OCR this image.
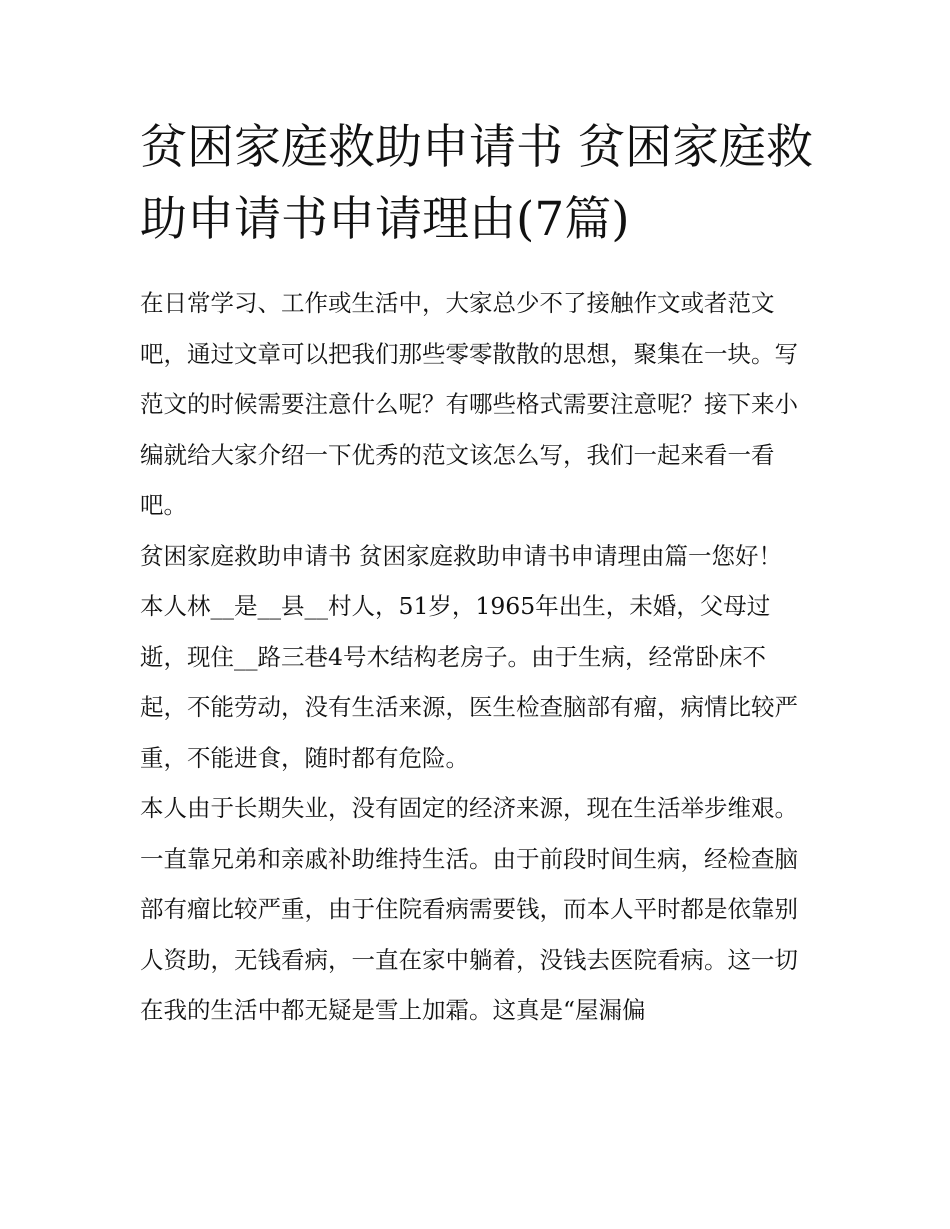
贫困家庭救助申请书 贫困家庭救助申请书申请理由(7篇)

在日常学习、工作或生活中，大家总少不了接触作文或者范文吧，通过文章可以把我们那些零零散散的思想，聚集在一块。写范文的时候需要注意什么呢？有哪些格式需要注意呢？接下来小编就给大家介绍一下优秀的范文该怎么写，我们一起来看一看吧。

贫困家庭救助申请书 贫困家庭救助申请书申请理由篇一您好！

本人林__是__县__村人，51岁，1965年出生，未婚，父母过逝，现住__路三巷4号木结构老房子。由于生病，经常卧床不起，不能劳动，没有生活来源，医生检查脑部有瘤，病情比较严重，不能进食，随时都有危险。

本人由于长期失业，没有固定的经济来源，现在生活举步维艰。一直靠兄弟和亲戚补助维持生活。由于前段时间生病，经检查脑部有瘤比较严重，由于住院看病需要钱，而本人平时都是依靠别人资助，无钱看病，一直在家中躺着，没钱去医院看病。这一切在我的生活中都无疑是雪上加霜。这真是“屋漏偏
